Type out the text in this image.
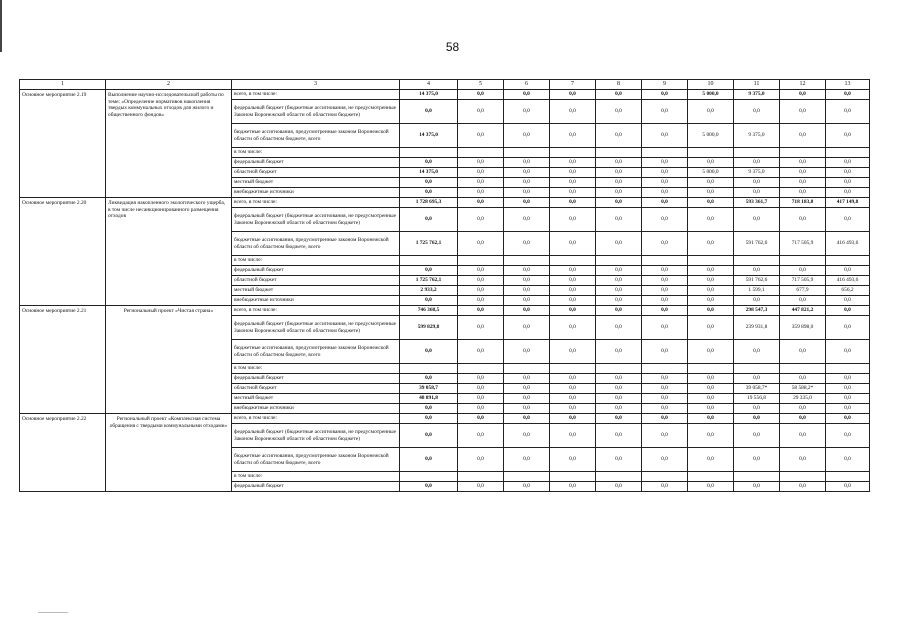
58
1	2	3	4	5	6	7	8	9	10	11	12	13
Основное мероприятие 2.19	Выполнение научно-исследовательской работы по теме: «Определение нормативов накопления твердых коммунальных отходов для жилого и общественного фондов»	всего, в том числе:	14 375,0	0,0	0,0	0,0	0,0	0,0	5 000,0	9 375,0	0,0	0,0
		федеральный бюджет (бюджетные ассигнования, не предусмотренные Законом Воронежской области об областном бюджете)	0,0	0,0	0,0	0,0	0,0	0,0	0,0	0,0	0,0	0,0
		бюджетные ассигнования, предусмотренные законом Воронежской области об областном бюджете, всего	14 375,0	0,0	0,0	0,0	0,0	0,0	5 000,0	9 375,0	0,0	0,0
		в том числе:										
		федеральный бюджет	0,0	0,0	0,0	0,0	0,0	0,0	0,0	0,0	0,0	0,0
		областной бюджет	14 375,0	0,0	0,0	0,0	0,0	0,0	5 000,0	9 375,0	0,0	0,0
		местный бюджет	0,0	0,0	0,0	0,0	0,0	0,0	0,0	0,0	0,0	0,0
		внебюджетные источники	0,0	0,0	0,0	0,0	0,0	0,0	0,0	0,0	0,0	0,0
Основное мероприятие 2.20	Ликвидация накопленного экологического ущерба, в том числе несанкционированного размещения отходов	всего, в том числе:	1 728 695,3	0,0	0,0	0,0	0,0	0,0	0,0	593 361,7	718 183,8	417 149,8
		федеральный бюджет (бюджетные ассигнования, не предусмотренные Законом Воронежской области об областном бюджете)	0,0	0,0	0,0	0,0	0,0	0,0	0,0	0,0	0,0	0,0
		бюджетные ассигнования, предусмотренные законом Воронежской области об областном бюджете, всего	1 725 762,1	0,0	0,0	0,0	0,0	0,0	0,0	591 762,6	717 505,9	416 493,6
		в том числе:										
		федеральный бюджет	0,0	0,0	0,0	0,0	0,0	0,0	0,0	0,0	0,0	0,0
		областной бюджет	1 725 762,1	0,0	0,0	0,0	0,0	0,0	0,0	591 762,6	717 505,9	416 493,6
		местный бюджет	2 933,2	0,0	0,0	0,0	0,0	0,0	0,0	1 599,1	677,9	656,2
		внебюджетные источники	0,0	0,0	0,0	0,0	0,0	0,0	0,0	0,0	0,0	0,0
Основное мероприятие 2.21	Региональный проект «Чистая страна»	всего, в том числе:	746 368,5	0,0	0,0	0,0	0,0	0,0	0,0	298 547,3	447 821,2	0,0
		федеральный бюджет (бюджетные ассигнования, не предусмотренные Законом Воронежской области об областном бюджете)	599 829,8	0,0	0,0	0,0	0,0	0,0	0,0	239 931,8	359 898,0	0,0
		бюджетные ассигнования, предусмотренные законом Воронежской области об областном бюджете, всего	0,0	0,0	0,0	0,0	0,0	0,0	0,0	0,0	0,0	0,0
		в том числе:										
		федеральный бюджет	0,0	0,0	0,0	0,0	0,0	0,0	0,0	0,0	0,0	0,0
		областной бюджет	39 058,7	0,0	0,0	0,0	0,0	0,0	0,0	39 058,7*	58 588,2*	0,0
		местный бюджет	48 891,8	0,0	0,0	0,0	0,0	0,0	0,0	19 556,8	29 335,0	0,0
		внебюджетные источники	0,0	0,0	0,0	0,0	0,0	0,0	0,0	0,0	0,0	0,0
Основное мероприятие 2.22	Региональный проект «Комплексная система обращения с твердыми коммунальными отходами»	всего, в том числе:	0,0	0,0	0,0	0,0	0,0	0,0	0,0	0,0	0,0	0,0
		федеральный бюджет (бюджетные ассигнования, не предусмотренные Законом Воронежской области об областном бюджете)	0,0	0,0	0,0	0,0	0,0	0,0	0,0	0,0	0,0	0,0
		бюджетные ассигнования, предусмотренные законом Воронежской области об областном бюджете, всего	0,0	0,0	0,0	0,0	0,0	0,0	0,0	0,0	0,0	0,0
		в том числе:										
		федеральный бюджет	0,0	0,0	0,0	0,0	0,0	0,0	0,0	0,0	0,0	0,0
